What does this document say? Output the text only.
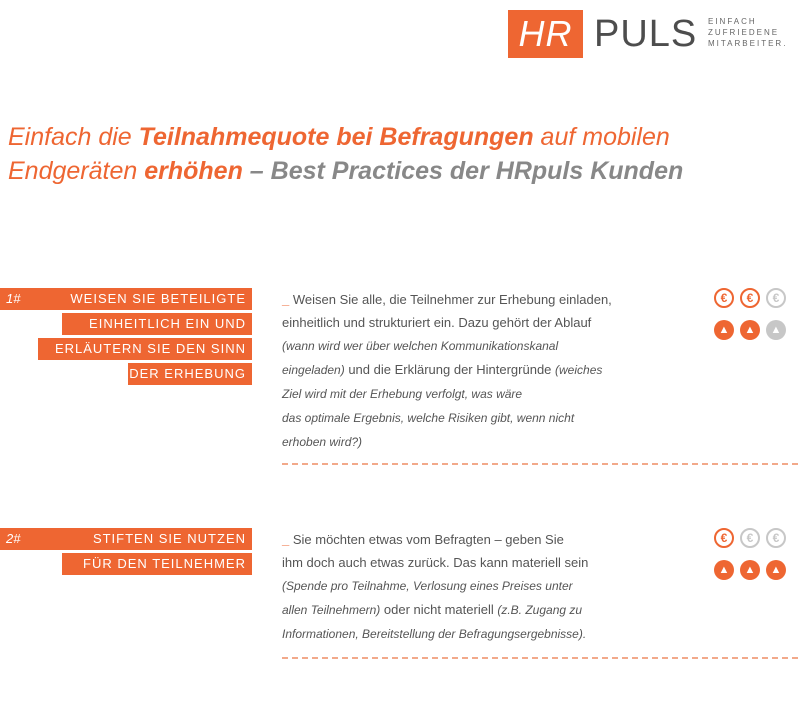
HR PULS EINFACH
ZUFRIEDENE
MITARBEITER.
Einfach die Teilnahmequote bei Befragungen auf mobilen
Endgeräten erhöhen – Best Practices der HRpuls Kunden
1#	WEISEN SIE BETEILIGTE
EINHEITLICH EIN UND
ERLÄUTERN SIE DEN SINN
DER ERHEBUNG
_ Weisen Sie alle, die Teilnehmer zur Erhebung einladen,
einheitlich und strukturiert ein. Dazu gehört der Ablauf
(wann wird wer über welchen Kommunikationskanal
eingeladen) und die Erklärung der Hintergründe (weiches
Ziel wird mit der Erhebung verfolgt, was wäre
das optimale Ergebnis, welche Risiken gibt, wenn nicht
erhoben wird?)
€	€	€
▲	▲	▲
2#	STIFTEN SIE NUTZEN
FÜR DEN TEILNEHMER
_ Sie möchten etwas vom Befragten – geben Sie
ihm doch auch etwas zurück. Das kann materiell sein
(Spende pro Teilnahme, Verlosung eines Preises unter
allen Teilnehmern) oder nicht materiell (z.B. Zugang zu
Informationen, Bereitstellung der Befragungsergebnisse).
€	€	€
▲	▲	▲
